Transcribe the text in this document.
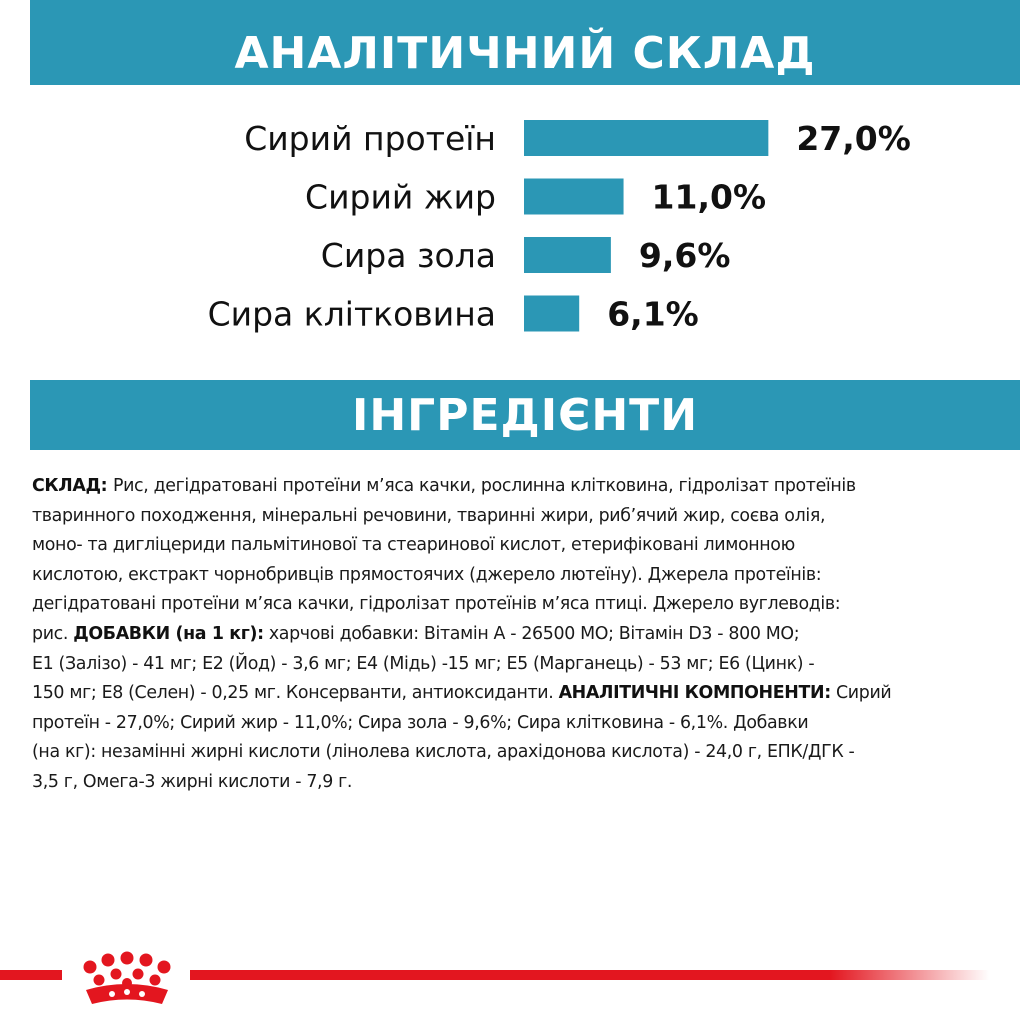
АНАЛІТИЧНИЙ СКЛАД
Сирий протеїн	27,0%
Сирий жир	11,0%
Сира зола	9,6%
Сира клітковина	6,1%
ІНГРЕДІЄНТИ
СКЛАД: Рис, дегідратовані протеїни м’яса качки, рослинна клітковина, гідролізат протеїнів
тваринного походження, мінеральні речовини, тваринні жири, риб’ячий жир, соєва олія,
моно- та дигліцериди пальмітинової та стеаринової кислот, етерифіковані лимонною
кислотою, екстракт чорнобривців прямостоячих (джерело лютеїну). Джерела протеїнів:
дегідратовані протеїни м’яса качки, гідролізат протеїнів м’яса птиці. Джерело вуглеводів:
рис. ДОБАВКИ (на 1 кг): харчові добавки: Вітамін А - 26500 МО; Вітамін D3 - 800 МО;
E1 (Залізо) - 41 мг; E2 (Йод) - 3,6 мг; E4 (Мідь) -15 мг; E5 (Марганець) - 53 мг; E6 (Цинк) -
150 мг; E8 (Селен) - 0,25 мг. Консерванти, антиоксиданти. АНАЛІТИЧНІ КОМПОНЕНТИ: Сирий
протеїн - 27,0%; Сирий жир - 11,0%; Сира зола - 9,6%; Сира клітковина - 6,1%. Добавки
(на кг): незамінні жирні кислоти (лінолева кислота, арахідонова кислота) - 24,0 г, ЕПК/ДГК -
3,5 г, Омега-3 жирні кислоти - 7,9 г.
